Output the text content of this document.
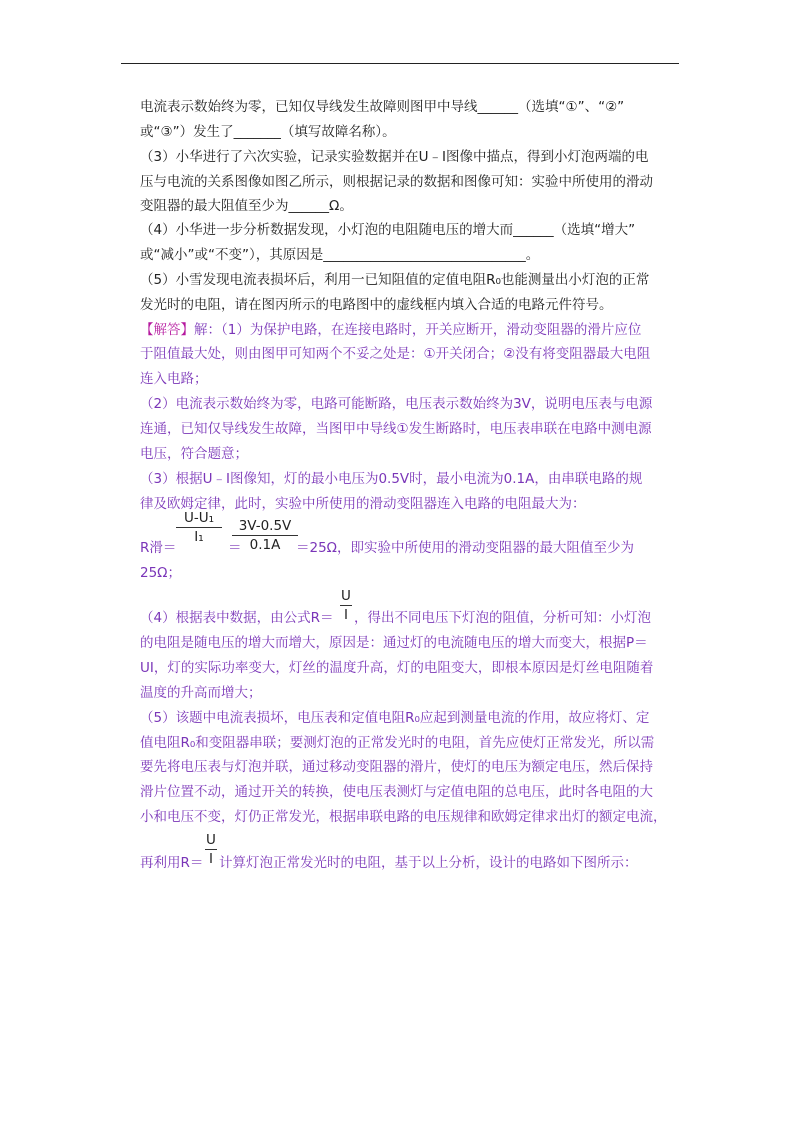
电流表示数始终为零，已知仅导线发生故障则图甲中导线______（选填“①”、“②”
或“③”）发生了_______（填写故障名称）。
（3）小华进行了六次实验，记录实验数据并在U﹣I图像中描点，得到小灯泡两端的电
压与电流的关系图像如图乙所示，则根据记录的数据和图像可知：实验中所使用的滑动
变阻器的最大阻值至少为______Ω。
（4）小华进一步分析数据发现，小灯泡的电阻随电压的增大而______（选填“增大”
或“减小”或“不变”），其原因是______________________________。
（5）小雪发现电流表损坏后，利用一已知阻值的定值电阻R₀也能测量出小灯泡的正常
发光时的电阻，请在图丙所示的电路图中的虚线框内填入合适的电路元件符号。
【解答】解：（1）为保护电路，在连接电路时，开关应断开，滑动变阻器的滑片应位
于阻值最大处，则由图甲可知两个不妥之处是：①开关闭合；②没有将变阻器最大电阻
连入电路；
（2）电流表示数始终为零，电路可能断路，电压表示数始终为3V，说明电压表与电源
连通，已知仅导线发生故障，当图甲中导线①发生断路时，电压表串联在电路中测电源
电压，符合题意；
（3）根据U﹣I图像知，灯的最小电压为0.5V时，最小电流为0.1A，由串联电路的规
律及欧姆定律，此时，实验中所使用的滑动变阻器连入电路的电阻最大为：
R滑＝
U-U₁
I₁
＝
3V-0.5V
0.1A	＝25Ω，即实验中所使用的滑动变阻器的最大阻值至少为
25Ω；
（4）根据表中数据，由公式R＝
U
I ，得出不同电压下灯泡的阻值，分析可知：小灯泡
的电阻是随电压的增大而增大，原因是：通过灯的电流随电压的增大而变大，根据P＝
UI，灯的实际功率变大，灯丝的温度升高，灯的电阻变大，即根本原因是灯丝电阻随着
温度的升高而增大；
（5）该题中电流表损坏，电压表和定值电阻R₀应起到测量电流的作用，故应将灯、定
值电阻R₀和变阻器串联；要测灯泡的正常发光时的电阻，首先应使灯正常发光，所以需
要先将电压表与灯泡并联，通过移动变阻器的滑片，使灯的电压为额定电压，然后保持
滑片位置不动，通过开关的转换，使电压表测灯与定值电阻的总电压，此时各电阻的大
小和电压不变，灯仍正常发光，根据串联电路的电压规律和欧姆定律求出灯的额定电流，
再利用R＝
U
I 计算灯泡正常发光时的电阻，基于以上分析，设计的电路如下图所示：
